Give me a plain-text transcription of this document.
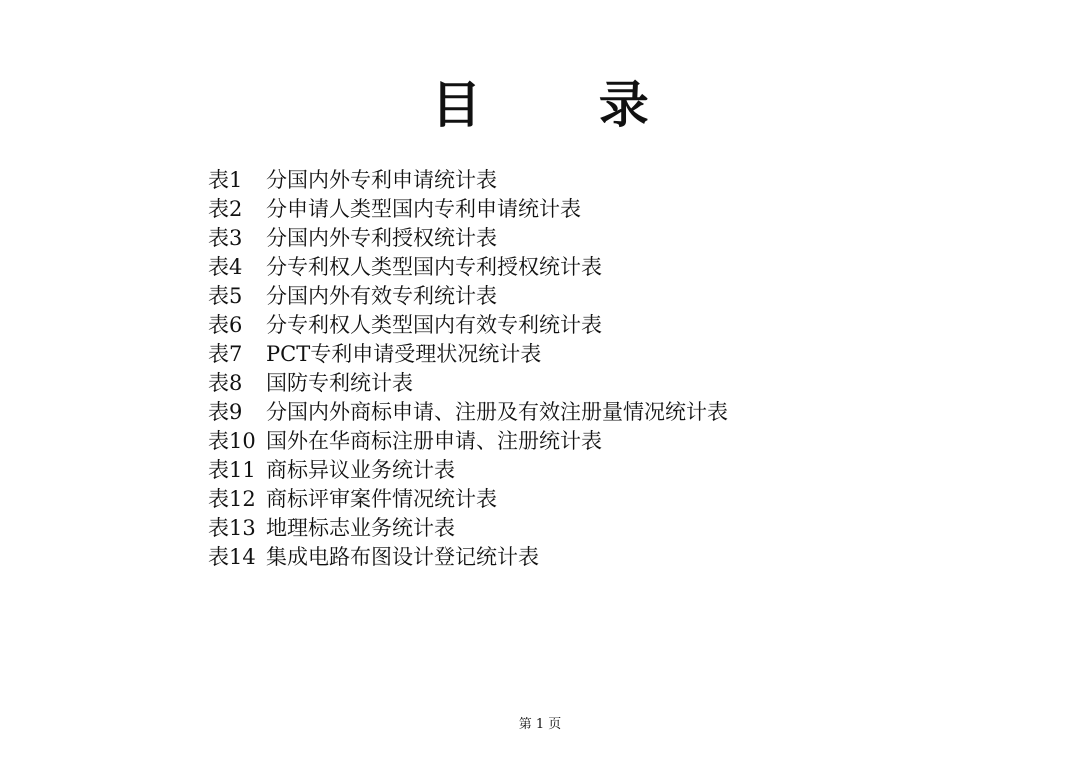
目 录
表1	分国内外专利申请统计表
表2	分申请人类型国内专利申请统计表
表3	分国内外专利授权统计表
表4	分专利权人类型国内专利授权统计表
表5	分国内外有效专利统计表
表6	分专利权人类型国内有效专利统计表
表7	PCT专利申请受理状况统计表
表8	国防专利统计表
表9	分国内外商标申请、注册及有效注册量情况统计表
表10 国外在华商标注册申请、注册统计表
表11 商标异议业务统计表
表12 商标评审案件情况统计表
表13 地理标志业务统计表
表14 集成电路布图设计登记统计表
第 1 页
